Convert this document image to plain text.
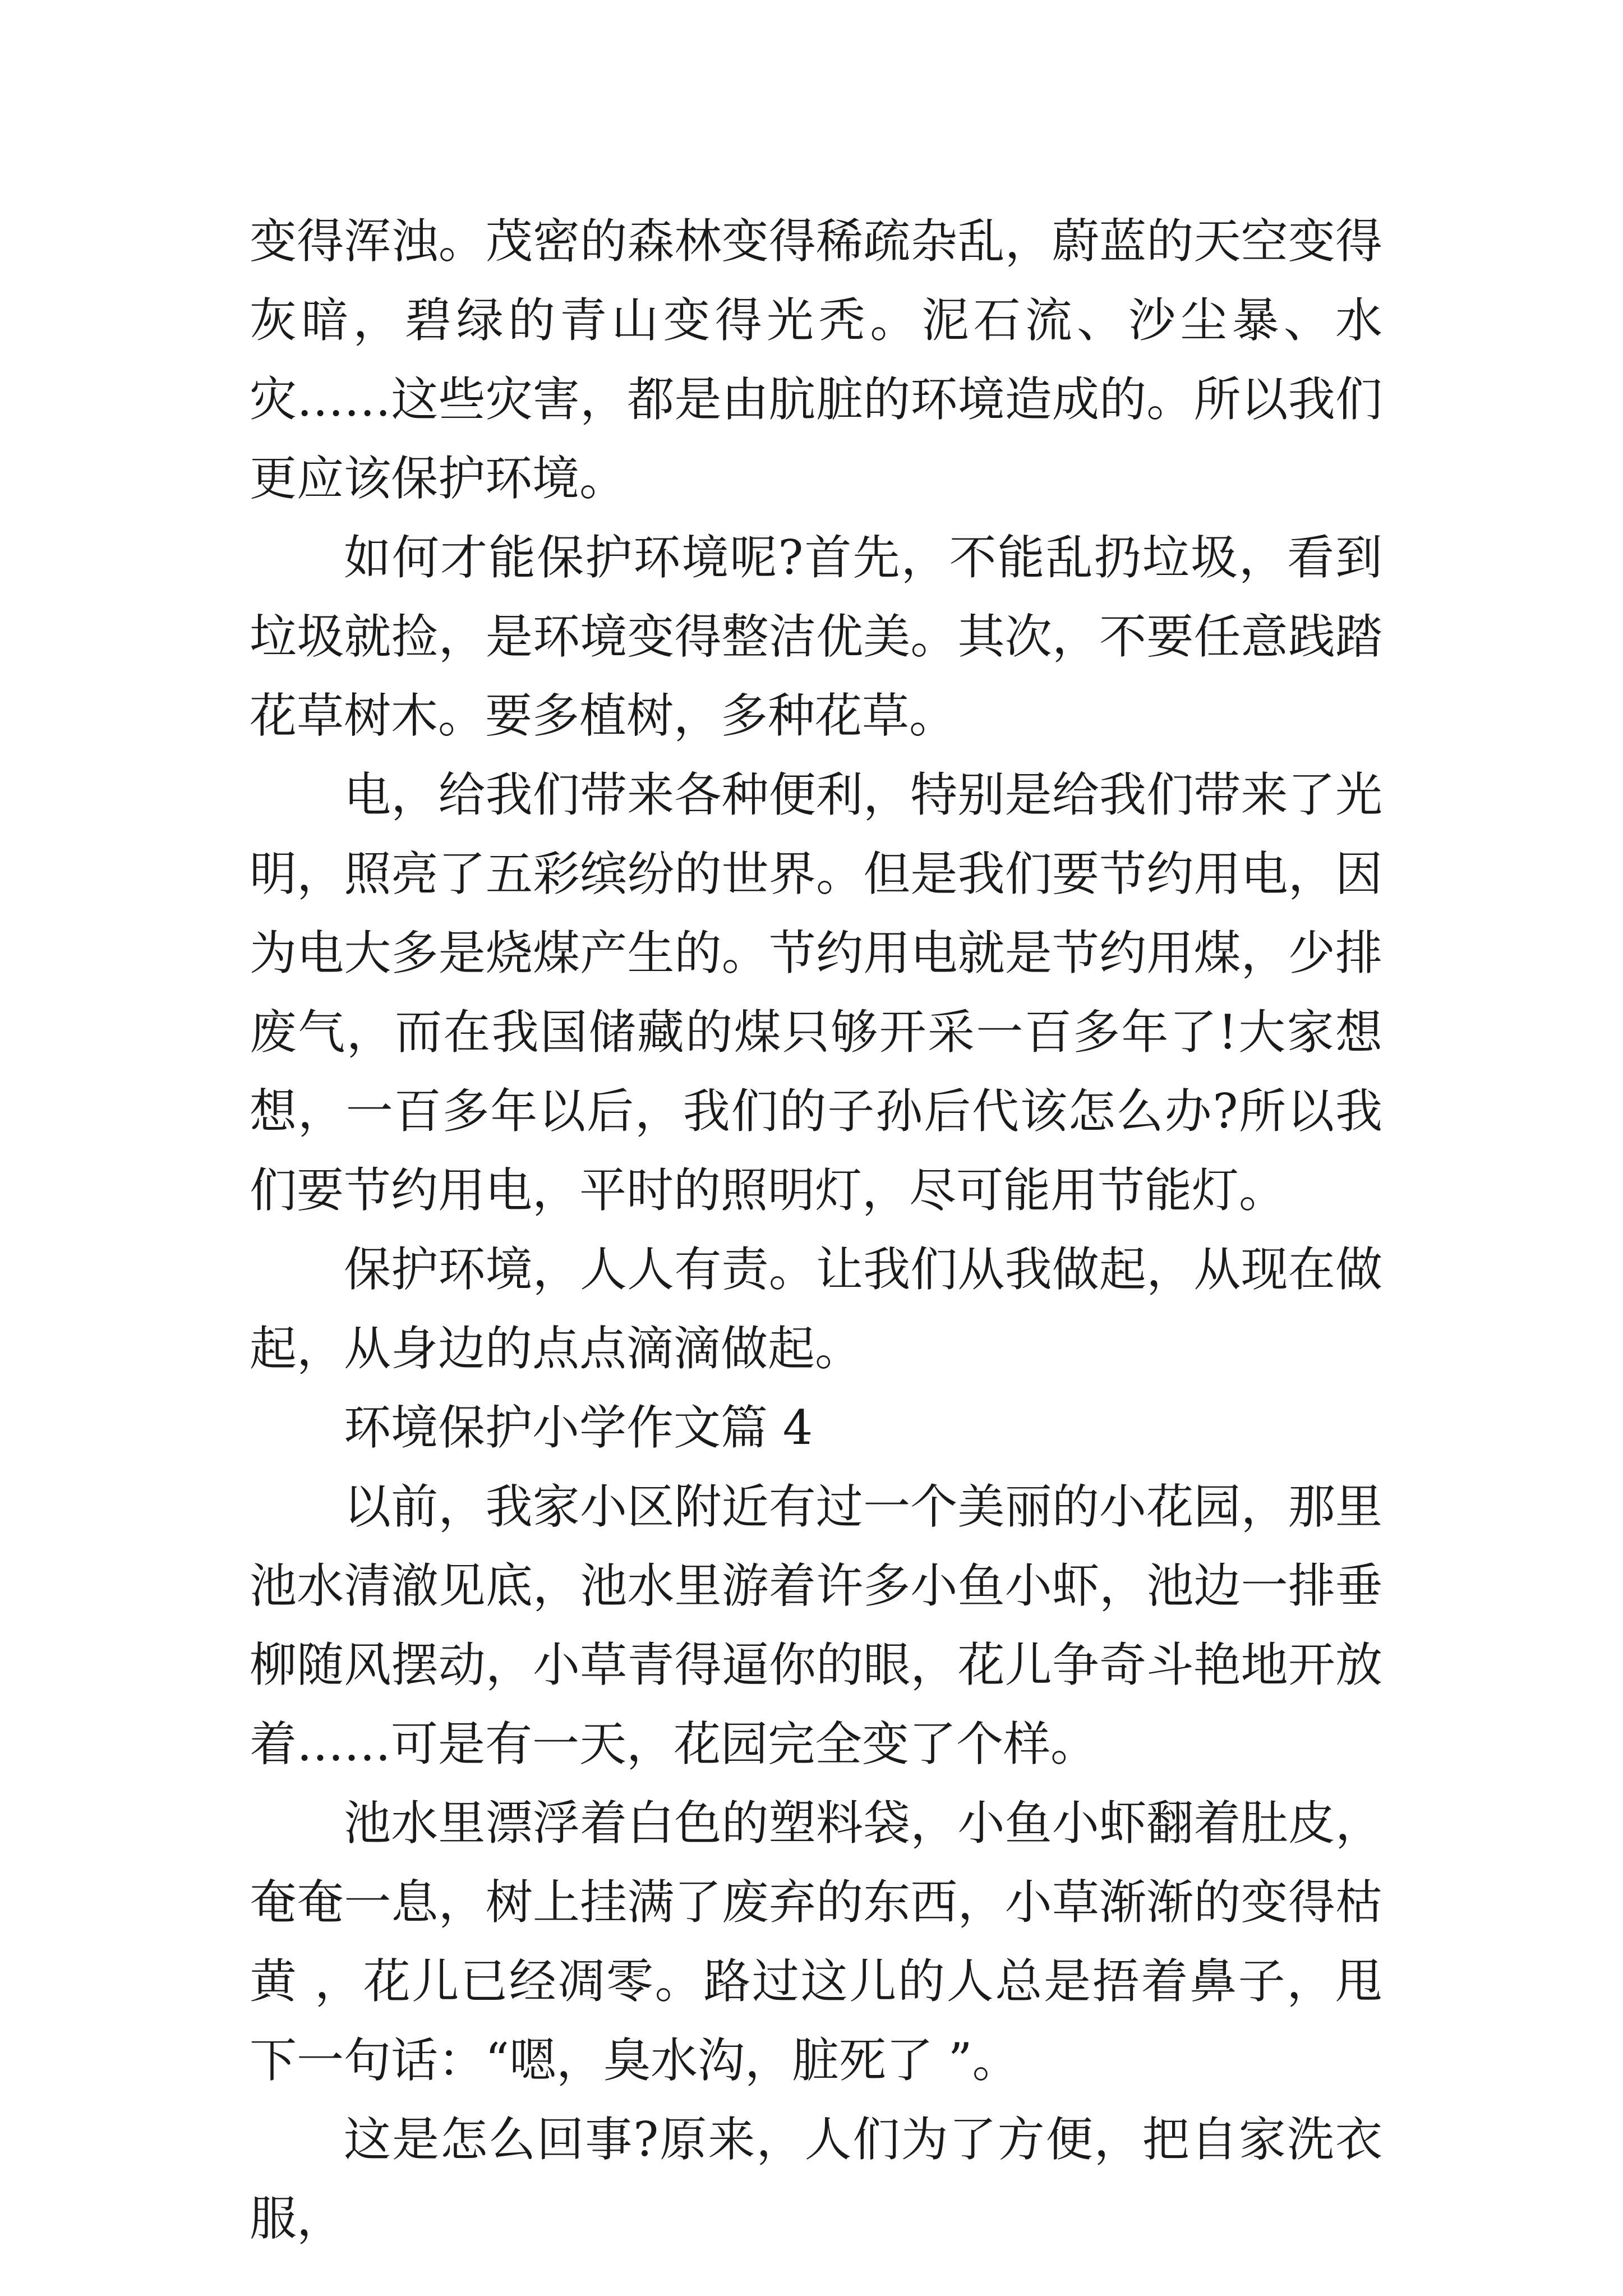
变得浑浊。茂密的森林变得稀疏杂乱，蔚蓝的天空变得灰暗，碧绿的青山变得光秃。泥石流、沙尘暴、水灾……这些灾害，都是由肮脏的环境造成的。所以我们更应该保护环境。

如何才能保护环境呢?首先，不能乱扔垃圾，看到垃圾就捡，是环境变得整洁优美。其次，不要任意践踏花草树木。要多植树，多种花草。

电，给我们带来各种便利，特别是给我们带来了光明，照亮了五彩缤纷的世界。但是我们要节约用电，因为电大多是烧煤产生的。节约用电就是节约用煤，少排废气，而在我国储藏的煤只够开采一百多年了!大家想想，一百多年以后，我们的子孙后代该怎么办?所以我们要节约用电，平时的照明灯，尽可能用节能灯。

保护环境，人人有责。让我们从我做起，从现在做起，从身边的点点滴滴做起。

环境保护小学作文篇 4

以前，我家小区附近有过一个美丽的小花园，那里池水清澈见底，池水里游着许多小鱼小虾，池边一排垂柳随风摆动，小草青得逼你的眼，花儿争奇斗艳地开放着……可是有一天，花园完全变了个样。

池水里漂浮着白色的塑料袋，小鱼小虾翻着肚皮，奄奄一息，树上挂满了废弃的东西，小草渐渐的变得枯黄 ，花儿已经凋零。路过这儿的人总是捂着鼻子，甩下一句话：“嗯，臭水沟，脏死了 ”。

这是怎么回事?原来，人们为了方便，把自家洗衣服，
